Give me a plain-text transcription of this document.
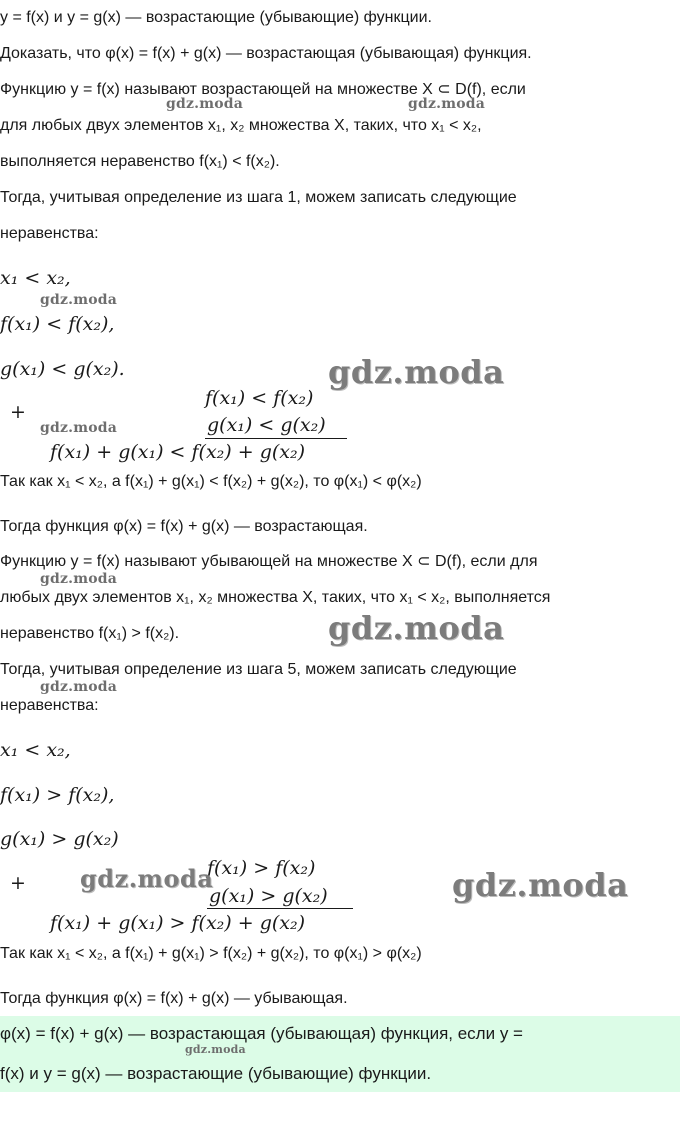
y = f(x) и y = g(x) — возрастающие (убывающие) функции.
Доказать, что φ(x) = f(x) + g(x) — возрастающая (убывающая) функция.
Функцию y = f(x) называют возрастающей на множестве X ⊂ D(f), если
для любых двух элементов x₁, x₂ множества X, таких, что x₁ < x₂,
выполняется неравенство f(x₁) < f(x₂).
Тогда, учитывая определение из шага 1, можем записать следующие
неравенства:
x₁ < x₂,
f(x₁) < f(x₂),
g(x₁) < g(x₂).
+
f(x₁) < f(x₂)
g(x₁) < g(x₂)
f(x₁) + g(x₁) < f(x₂) + g(x₂)
Так как x₁ < x₂, а f(x₁) + g(x₁) < f(x₂) + g(x₂), то φ(x₁) < φ(x₂)
Тогда функция φ(x) = f(x) + g(x) — возрастающая.
Функцию y = f(x) называют убывающей на множестве X ⊂ D(f), если для
любых двух элементов x₁, x₂ множества X, таких, что x₁ < x₂, выполняется
неравенство f(x₁) > f(x₂).
Тогда, учитывая определение из шага 5, можем записать следующие
неравенства:
x₁ < x₂,
f(x₁) > f(x₂),
g(x₁) > g(x₂)
+
f(x₁) > f(x₂)
g(x₁) > g(x₂)
f(x₁) + g(x₁) > f(x₂) + g(x₂)
Так как x₁ < x₂, а f(x₁) + g(x₁) > f(x₂) + g(x₂), то φ(x₁) > φ(x₂)
Тогда функция φ(x) = f(x) + g(x) — убывающая.
φ(x) = f(x) + g(x) — возрастающая (убывающая) функция, если y =
f(x) и y = g(x) — возрастающие (убывающие) функции.
gdz.moda	gdz.moda
gdz.moda
gdz.moda
gdz.moda
gdz.moda
gdz.moda
gdz.moda
gdz.moda	gdz.moda
gdz.moda
